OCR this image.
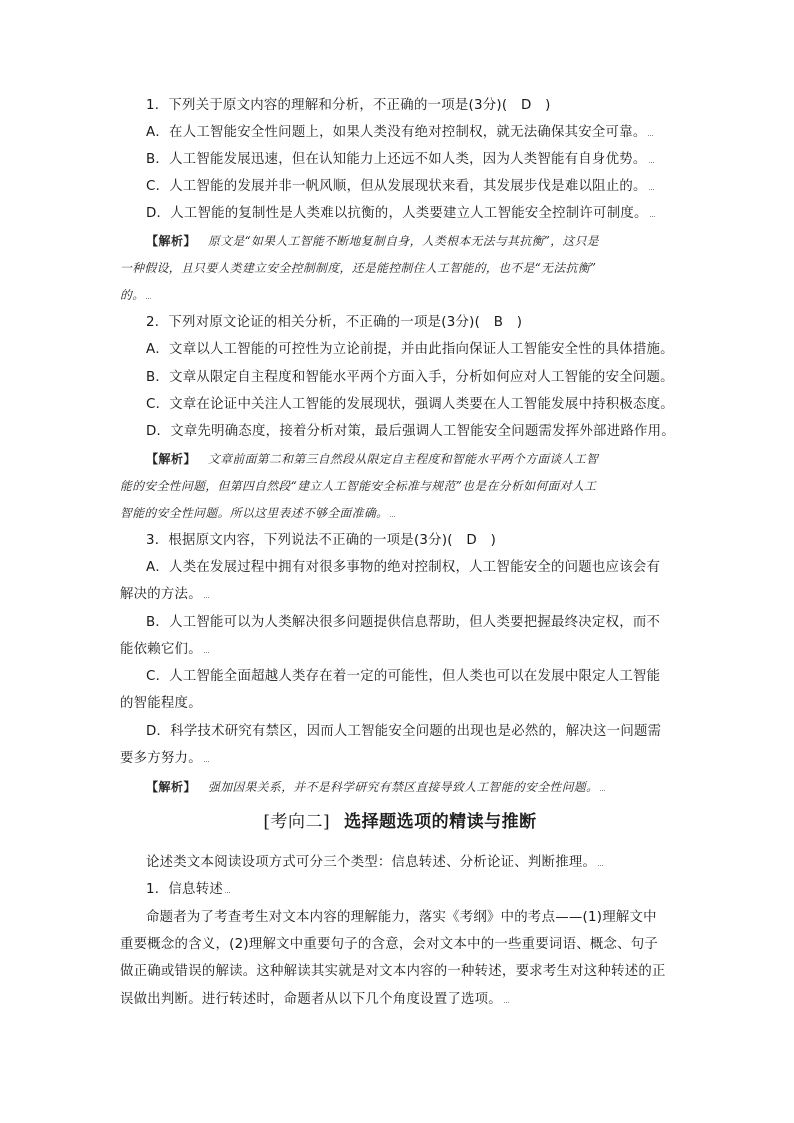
1．下列关于原文内容的理解和分析，不正确的一项是(3分)(　D　)
A．在人工智能安全性问题上，如果人类没有绝对控制权，就无法确保其安全可靠。
B．人工智能发展迅速，但在认知能力上还远不如人类，因为人类智能有自身优势。
C．人工智能的发展并非一帆风顺，但从发展现状来看，其发展步伐是难以阻止的。
D．人工智能的复制性是人类难以抗衡的，人类要建立人工智能安全控制许可制度。
【解析】 原文是“如果人工智能不断地复制自身，人类根本无法与其抗衡”，这只是
一种假设，且只要人类建立安全控制制度，还是能控制住人工智能的，也不是“无法抗衡”
的。
2．下列对原文论证的相关分析，不正确的一项是(3分)(　B　)
A．文章以人工智能的可控性为立论前提，并由此指向保证人工智能安全性的具体措施。
B．文章从限定自主程度和智能水平两个方面入手，分析如何应对人工智能的安全问题。
C．文章在论证中关注人工智能的发展现状，强调人类要在人工智能发展中持积极态度。
D．文章先明确态度，接着分析对策，最后强调人工智能安全问题需发挥外部进路作用。
【解析】 文章前面第二和第三自然段从限定自主程度和智能水平两个方面谈人工智
能的安全性问题，但第四自然段“建立人工智能安全标准与规范”也是在分析如何面对人工
智能的安全性问题。所以这里表述不够全面准确。
3．根据原文内容，下列说法不正确的一项是(3分)(　D　)
A．人类在发展过程中拥有对很多事物的绝对控制权，人工智能安全的问题也应该会有
解决的方法。
B．人工智能可以为人类解决很多问题提供信息帮助，但人类要把握最终决定权，而不
能依赖它们。
C．人工智能全面超越人类存在着一定的可能性，但人类也可以在发展中限定人工智能
的智能程度。
D．科学技术研究有禁区，因而人工智能安全问题的出现也是必然的，解决这一问题需
要多方努力。
【解析】 强加因果关系，并不是科学研究有禁区直接导致人工智能的安全性问题。
[考向二] 选择题选项的精读与推断
论述类文本阅读设项方式可分三个类型：信息转述、分析论证、判断推理。
1．信息转述
命题者为了考查考生对文本内容的理解能力，落实《考纲》中的考点——(1)理解文中
重要概念的含义，(2)理解文中重要句子的含意，会对文本中的一些重要词语、概念、句子
做正确或错误的解读。这种解读其实就是对文本内容的一种转述，要求考生对这种转述的正
误做出判断。进行转述时，命题者从以下几个角度设置了选项。
